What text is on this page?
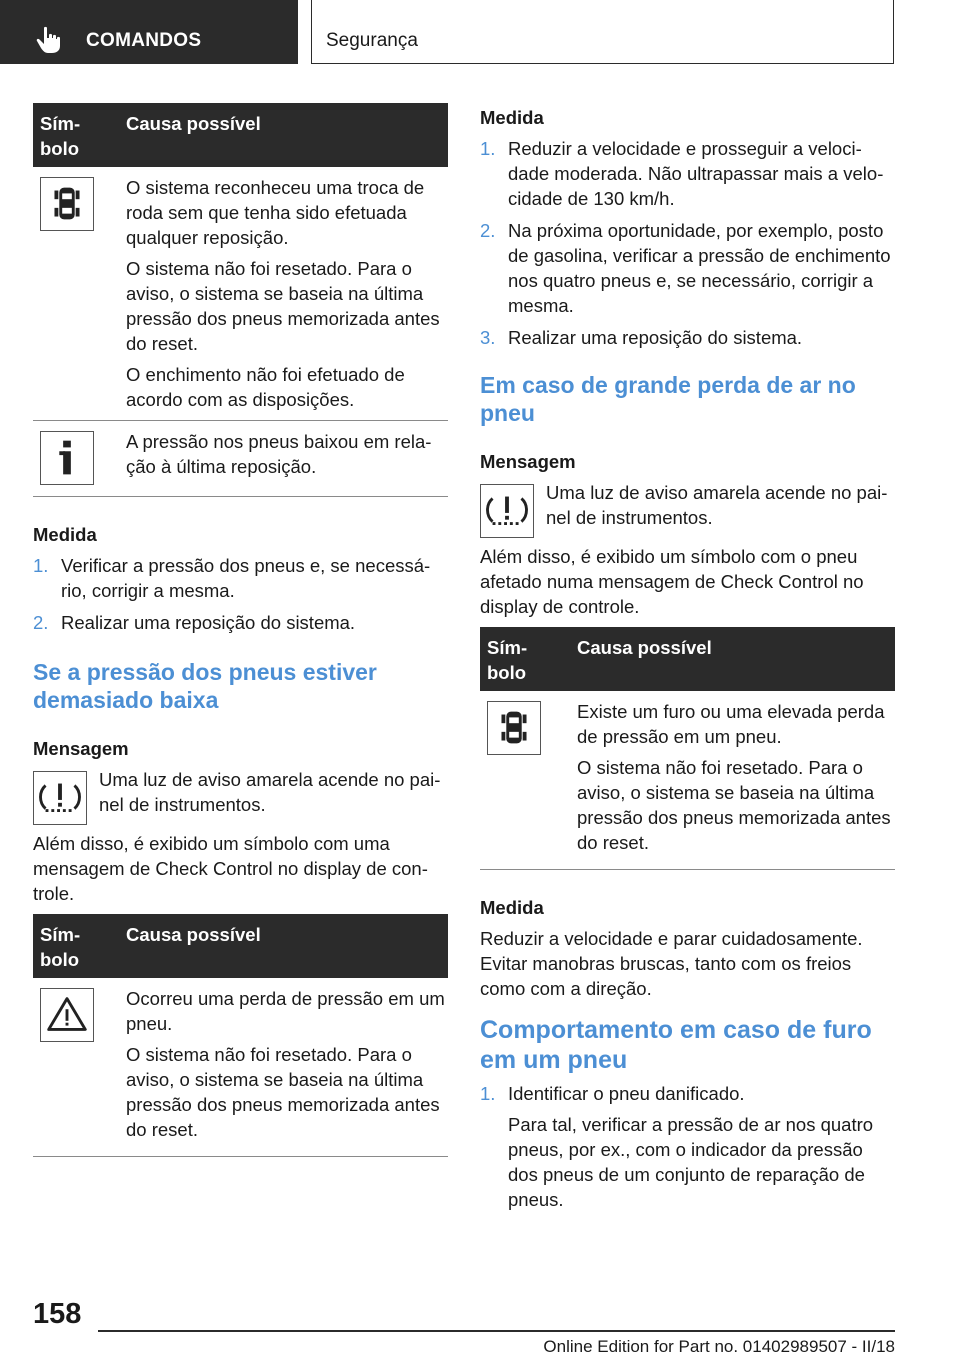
COMANDOS	Segurança
Símbolo
Causa possível

O sistema reconheceu uma troca de roda sem que tenha sido efetuada qualquer reposição.

O sistema não foi resetado. Para o aviso, o sistema se baseia na última pressão dos pneus memorizada antes do reset.

O enchimento não foi efetuado de acordo com as disposições.

A pressão nos pneus baixou em relação à última reposição.

Medida

1. Verificar a pressão dos pneus e, se necessário, corrigir a mesma.
2. Realizar uma reposição do sistema.
Se a pressão dos pneus estiver demasiado baixa

Mensagem

Uma luz de aviso amarela acende no painel de instrumentos.

Além disso, é exibido um símbolo com uma mensagem de Check Control no display de controle.

Símbolo
Causa possível

Ocorreu uma perda de pressão em um pneu.

O sistema não foi resetado. Para o aviso, o sistema se baseia na última pressão dos pneus memorizada antes do reset.

Medida

1. Reduzir a velocidade e prosseguir a velocidade moderada. Não ultrapassar mais a velocidade de 130 km/h.
2. Na próxima oportunidade, por exemplo, posto de gasolina, verificar a pressão de enchimento nos quatro pneus e, se necessário, corrigir a mesma.
3. Realizar uma reposição do sistema.
Em caso de grande perda de ar no pneu

Mensagem

Uma luz de aviso amarela acende no painel de instrumentos.

Além disso, é exibido um símbolo com o pneu afetado numa mensagem de Check Control no display de controle.

Símbolo
Causa possível

Existe um furo ou uma elevada perda de pressão em um pneu.

O sistema não foi resetado. Para o aviso, o sistema se baseia na última pressão dos pneus memorizada antes do reset.

Medida

Reduzir a velocidade e parar cuidadosamente. Evitar manobras bruscas, tanto com os freios como com a direção.

Comportamento em caso de furo em um pneu
1. Identificar o pneu danificado.

Para tal, verificar a pressão de ar nos quatro pneus, por ex., com o indicador da pressão dos pneus de um conjunto de reparação de pneus.

158
Online Edition for Part no. 01402989507 - II/18
